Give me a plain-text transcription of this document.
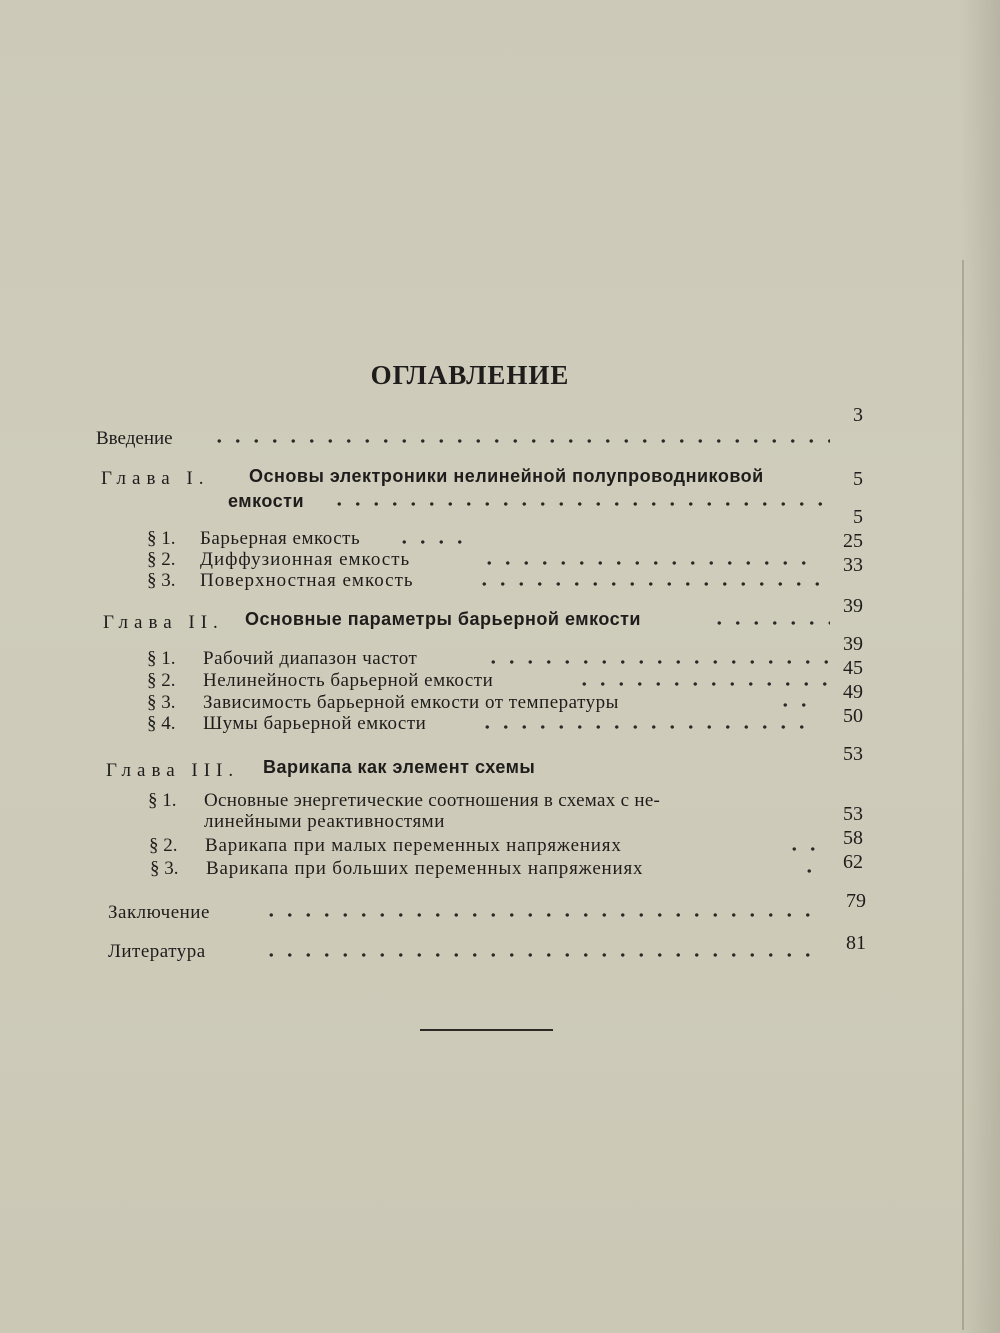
ОГЛАВЛЕНИЕ
3
Введение
Глава I. Основы электроники нелинейной полупроводниковой
емкости
5
5
§ 1. Барьерная емкость
§ 2. Диффузионная емкость
25
§ 3. Поверхностная емкость
33
39
Глава II. Основные параметры барьерной емкости
39
§ 1. Рабочий диапазон частот	45
§ 2. Нелинейность барьерной емкости
49
§ 3. Зависимость барьерной емкости от температуры
50
§ 4. Шумы барьерной емкости
53
Глава III. Варикапа как элемент схемы
§ 1. Основные энергетические соотношения в схемах с не-
линейными реактивностями	53
58
§ 2. Варикапа при малых переменных напряжениях
62
§ 3. Варикапа при больших переменных напряжениях
79
Заключение
81
Литература
